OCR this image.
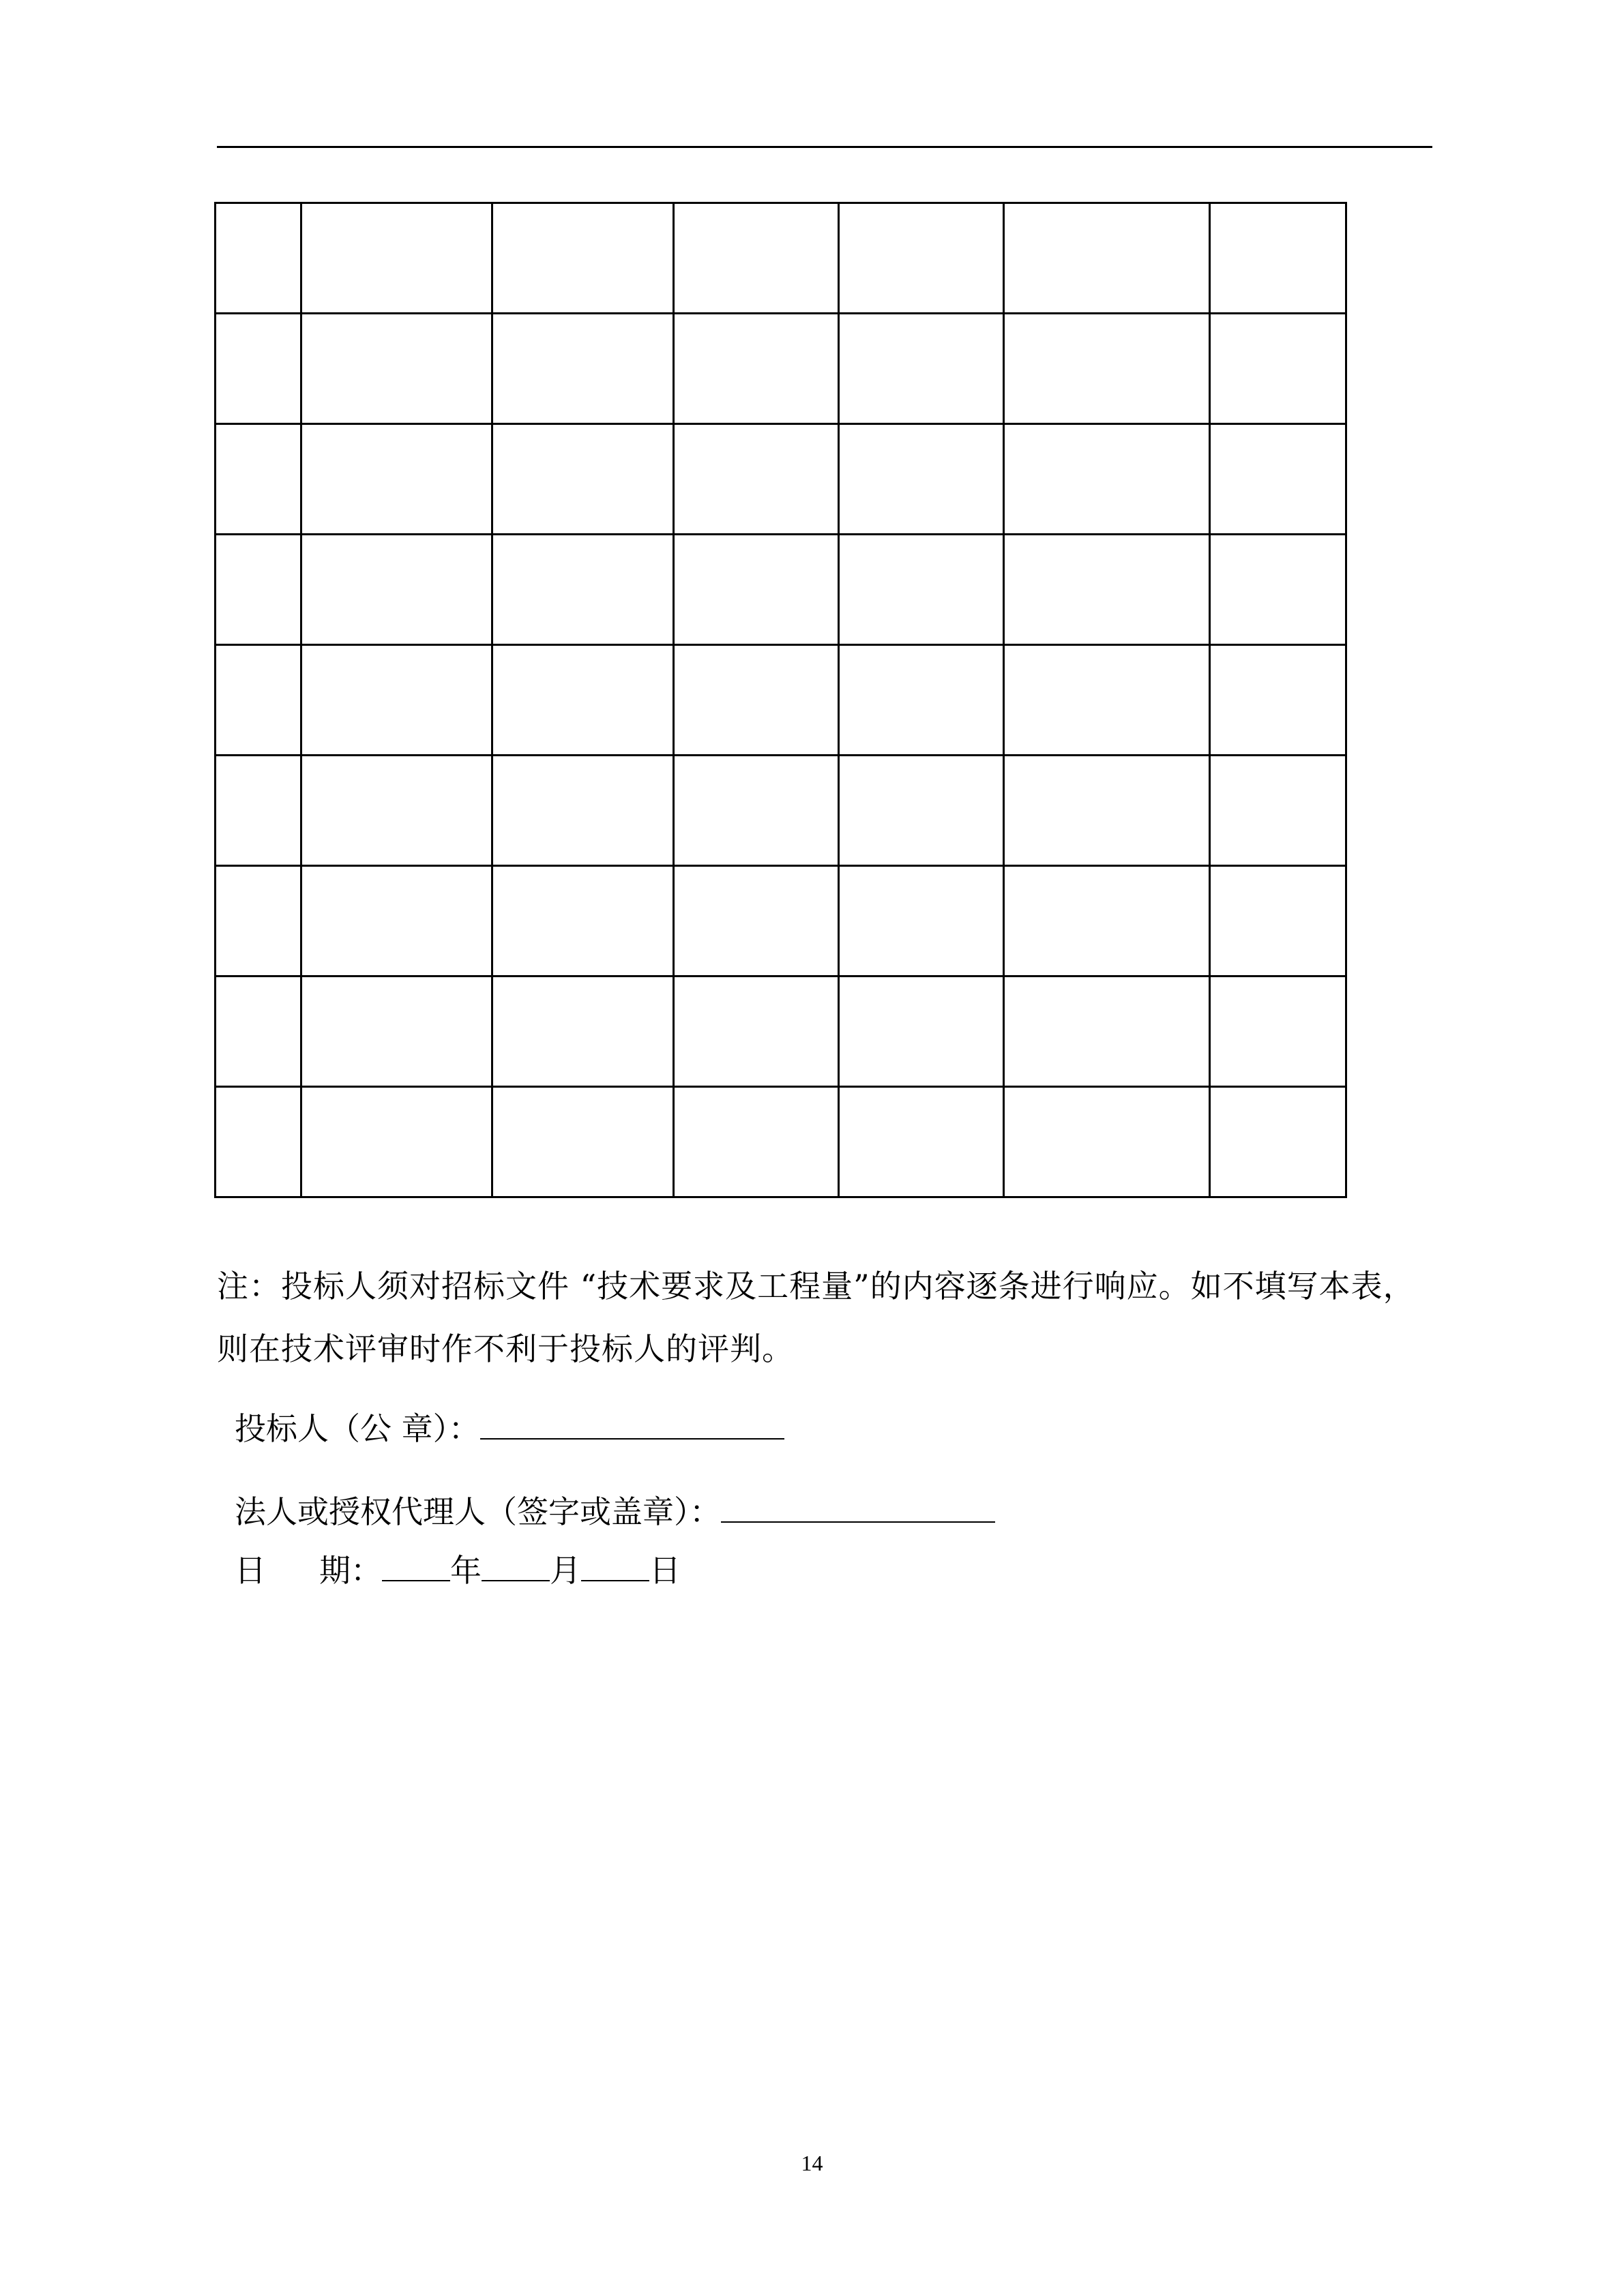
注：投标人须对招标文件 “技术要求及工程量”的内容逐条进行响应。如不填写本表，则在技术评审时作不利于投标人的评判。
投标人（公 章）：
法人或授权代理人（签字或盖章）：
日 期： 年 月 日
14
